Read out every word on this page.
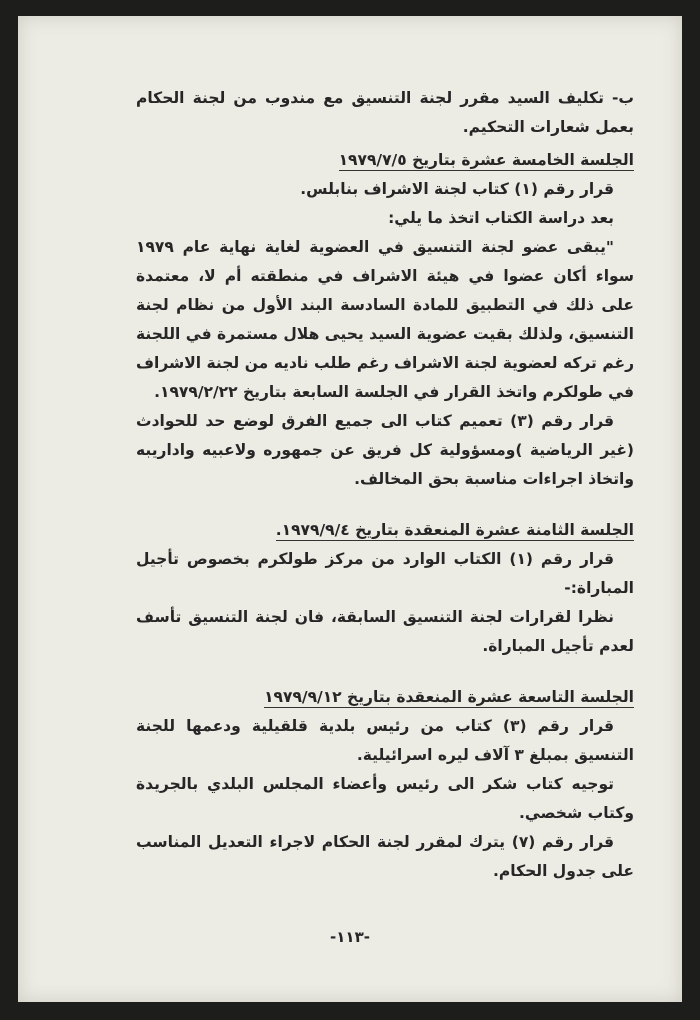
ب- تكليف السيد مقرر لجنة التنسيق مع مندوب من لجنة الحكام بعمل شعارات التحكيم.

الجلسة الخامسة عشرة بتاريخ ١٩٧٩/٧/٥

قرار رقم (١) كتاب لجنة الاشراف بنابلس.

بعد دراسة الكتاب اتخذ ما يلي:

"يبقى عضو لجنة التنسيق في العضوية لغاية نهاية عام ١٩٧٩ سواء أكان عضوا في هيئة الاشراف في منطقته أم لا، معتمدة على ذلك في التطبيق للمادة السادسة البند الأول من نظام لجنة التنسيق، ولذلك بقيت عضوية السيد يحيى هلال مستمرة في اللجنة رغم تركه لعضوية لجنة الاشراف رغم طلب ناديه من لجنة الاشراف في طولكرم واتخذ القرار في الجلسة السابعة بتاريخ ١٩٧٩/٢/٢٢.

قرار رقم (٣) تعميم كتاب الى جميع الفرق لوضع حد للحوادث (غير الرياضية )ومسؤولية كل فريق عن جمهوره ولاعبيه واداريبه واتخاذ اجراءات مناسبة بحق المخالف.

الجلسة الثامنة عشرة المنعقدة بتاريخ ١٩٧٩/٩/٤.

قرار رقم (١) الكتاب الوارد من مركز طولكرم بخصوص تأجيل المباراة:-

نظرا لقرارات لجنة التنسيق السابقة، فان لجنة التنسيق تأسف لعدم تأجيل المباراة.

الجلسة التاسعة عشرة المنعقدة بتاريخ ١٩٧٩/٩/١٢

قرار رقم (٣) كتاب من رئيس بلدية قلقيلية ودعمها للجنة التنسيق بمبلغ ٣ آلاف ليره اسرائيلية.

توجيه كتاب شكر الى رئيس وأعضاء المجلس البلدي بالجريدة وكتاب شخصي.

قرار رقم (٧) يترك لمقرر لجنة الحكام لاجراء التعديل المناسب على جدول الحكام.

-١١٣-
